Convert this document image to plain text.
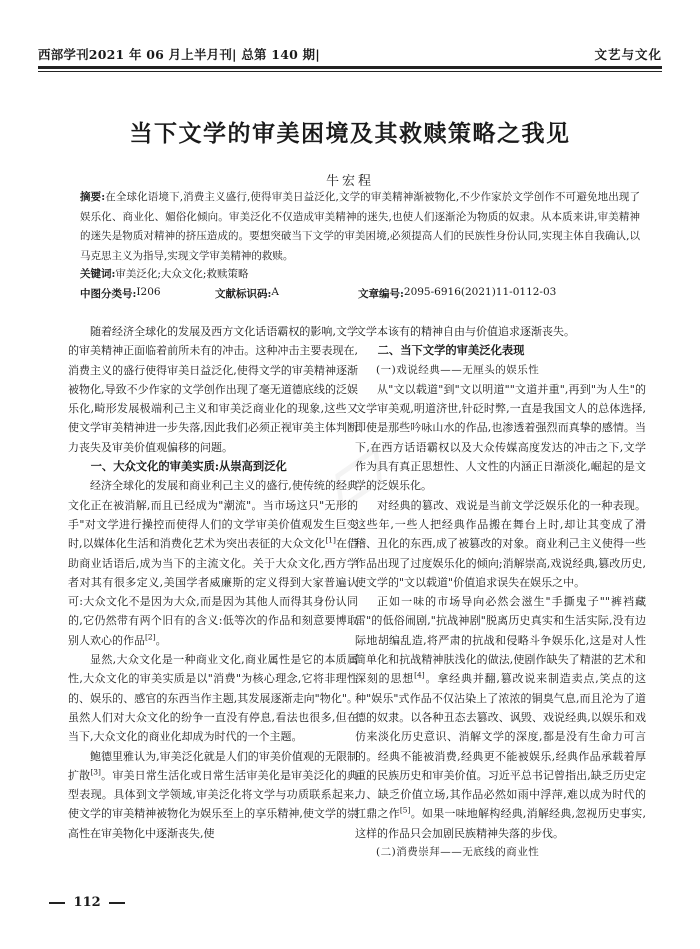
西部学刊2021 年 06 月上半月刊| 总第 140 期|	文艺与文化
当下文学的审美困境及其救赎策略之我见
牛宏程
摘要:在全球化语境下,消费主义盛行,使得审美日益泛化,文学的审美精神渐被物化,不少作家於文学创作不可避免地出现了娱乐化、商业化、媚俗化倾向。审美泛化不仅造成审美精神的迷失,也使人们逐渐沦为物质的奴隶。从本质来讲,审美精神的迷失是物质对精神的挤压造成的。要想突破当下文学的审美困境,必须提高人们的民族性身份认同,实现主体自我确认,以马克思主义为指导,实现文学审美精神的救赎。
关键词:审美泛化;大众文化;救赎策略
中图分类号: I206	文献标识码: A	文章编号: 2095-6916(2021)11-0112-03

随着经济全球化的发展及西方文化话语霸权的影响,文学的审美精神正面临着前所未有的冲击。这种冲击主要表现在,消费主义的盛行使得审美日益泛化,使得文学的审美精神逐渐被物化,导致不少作家的文学创作出现了毫无道德底线的泛娱乐化,畸形发展极端利己主义和审美泛商业化的现象,这些又使文学审美精神进一步失落,因此我们必须正视审美主体判断力丧失及审美价值观偏移的问题。

一、大众文化的审美实质:从崇高到泛化

经济全球化的发展和商业利己主义的盛行,使传统的经典文化正在被消解,而且已经成为"潮流"。当市场这只"无形的手"对文学进行操控而使得人们的文学审美价值观发生巨变时,以媒体化生活和消费化艺术为突出表征的大众文化[1]在借助商业话语后,成为当下的主流文化。关于大众文化,西方学者对其有很多定义,美国学者威廉斯的定义得到大家普遍认可:大众文化不是因为大众,而是因为其他人而得其身份认同的,它仍然带有两个旧有的含义:低等次的作品和刻意要博取别人欢心的作品[2]。

显然,大众文化是一种商业文化,商业属性是它的本质属性,大众文化的审美实质是以"消费"为核心理念,它将非理性的、娱乐的、感官的东西当作主题,其发展逐渐走向"物化"。虽然人们对大众文化的纷争一直没有停息,看法也很多,但在当下,大众文化的商业化却成为时代的一个主题。

鲍德里雅认为,审美泛化就是人们的审美价值观的无限制扩散[3]。审美日常生活化或日常生活审美化是审美泛化的典型表现。具体到文学领域,审美泛化将文学与功质联系起来,使文学的审美精神被物化为娱乐至上的享乐精神,使文学的崇高性在审美物化中逐渐丧失,使

文学本该有的精神自由与价值追求逐渐丧失。

二、当下文学的审美泛化表现
(一)戏说经典——无厘头的娱乐性

从"文以载道"到"文以明道""文道并重",再到"为人生"的文学审美观,明道济世,针砭时弊,一直是我国文人的总体选择,即使是那些吟咏山水的作品,也渗透着强烈而真挚的感情。当下,在西方话语霸权以及大众传媒高度发达的冲击之下,文学作为具有真正思想性、人文性的内涵正日渐淡化,崛起的是文学的泛娱乐化。

对经典的篡改、戏说是当前文学泛娱乐化的一种表现。这些年,一些人把经典作品搬在舞台上时,却让其变成了滑稽、丑化的东西,成了被篡改的对象。商业利己主义使得一些作品出现了过度娱乐化的倾向;消解崇高,戏说经典,篡改历史,使文学的"文以载道"价值追求误失在娱乐之中。

正如一味的市场导向必然会滋生"手撕鬼子""裤裆藏雷"的低俗闹剧,"抗战神剧"脱离历史真实和生活实际,没有边际地胡编乱造,将严肃的抗战和侵略斗争娱乐化,这是对人性简单化和抗战精神肤浅化的做法,使剧作缺失了精湛的艺术和深刻的思想[4]。拿经典并翻,篡改说来制造卖点,笑点的这种"娱乐"式作品不仅沾染上了浓浓的铜臭气息,而且沦为了道德的奴隶。以各种丑态去篡改、讽毁、戏说经典,以娱乐和戏仿来淡化历史意识、消解文学的深度,都是没有生命力可言的。经典不能被消费,经典更不能被娱乐,经典作品承载着厚重的民族历史和审美价值。习近平总书记曾指出,缺乏历史定力、缺乏价值立场,其作品必然如雨中浮萍,难以成为时代的扛鼎之作[5]。如果一味地解构经典,消解经典,忽视历史事实,这样的作品只会加剧民族精神失落的步伐。

(二)消费崇拜——无底线的商业性
112
